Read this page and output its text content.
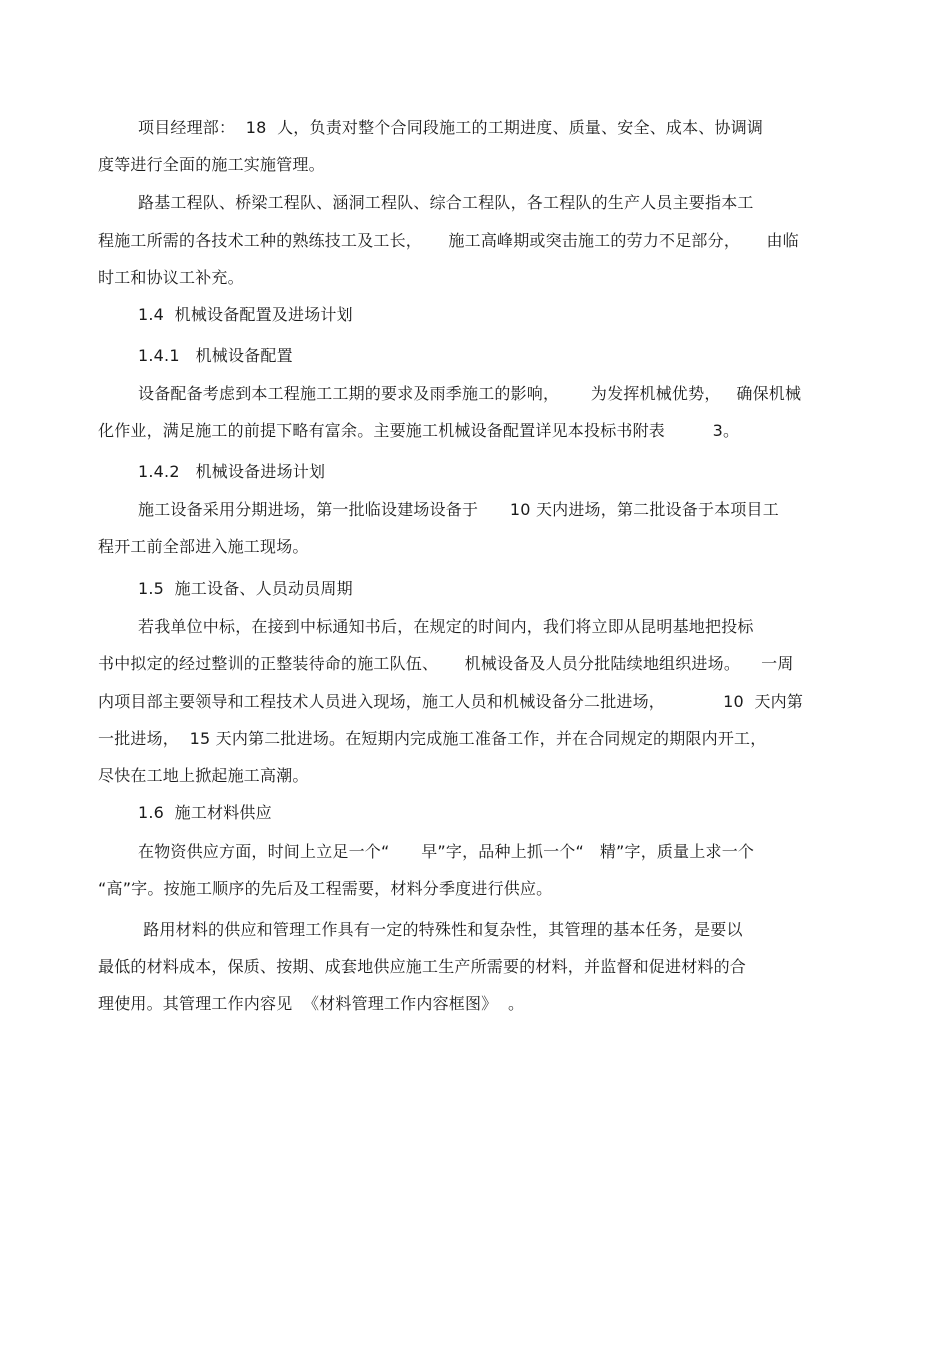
项目经理部：  18  人，负责对整个合同段施工的工期进度、质量、安全、成本、协调调
度等进行全面的施工实施管理。
路基工程队、桥梁工程队、涵洞工程队、综合工程队，各工程队的生产人员主要指本工
程施工所需的各技术工种的熟练技工及工长，     施工高峰期或突击施工的劳力不足部分，     由临
时工和协议工补充。
1.4  机械设备配置及进场计划
1.4.1   机械设备配置
设备配备考虑到本工程施工工期的要求及雨季施工的影响，      为发挥机械优势，   确保机械
化作业，满足施工的前提下略有富余。主要施工机械设备配置详见本投标书附表         3。
1.4.2   机械设备进场计划
施工设备采用分期进场，第一批临设建场设备于      10 天内进场，第二批设备于本项目工
程开工前全部进入施工现场。
1.5  施工设备、人员动员周期
若我单位中标，在接到中标通知书后，在规定的时间内，我们将立即从昆明基地把投标
书中拟定的经过整训的正整装待命的施工队伍、     机械设备及人员分批陆续地组织进场。    一周
内项目部主要领导和工程技术人员进入现场，施工人员和机械设备分二批进场，           10  天内第
一批进场，  15 天内第二批进场。在短期内完成施工准备工作，并在合同规定的期限内开工，
尽快在工地上掀起施工高潮。
1.6  施工材料供应
在物资供应方面，时间上立足一个“      早”字，品种上抓一个“   精”字，质量上求一个
“高”字。按施工顺序的先后及工程需要，材料分季度进行供应。
路用材料的供应和管理工作具有一定的特殊性和复杂性，其管理的基本任务，是要以
最低的材料成本，保质、按期、成套地供应施工生产所需要的材料，并监督和促进材料的合
理使用。其管理工作内容见  《材料管理工作内容框图》  。
